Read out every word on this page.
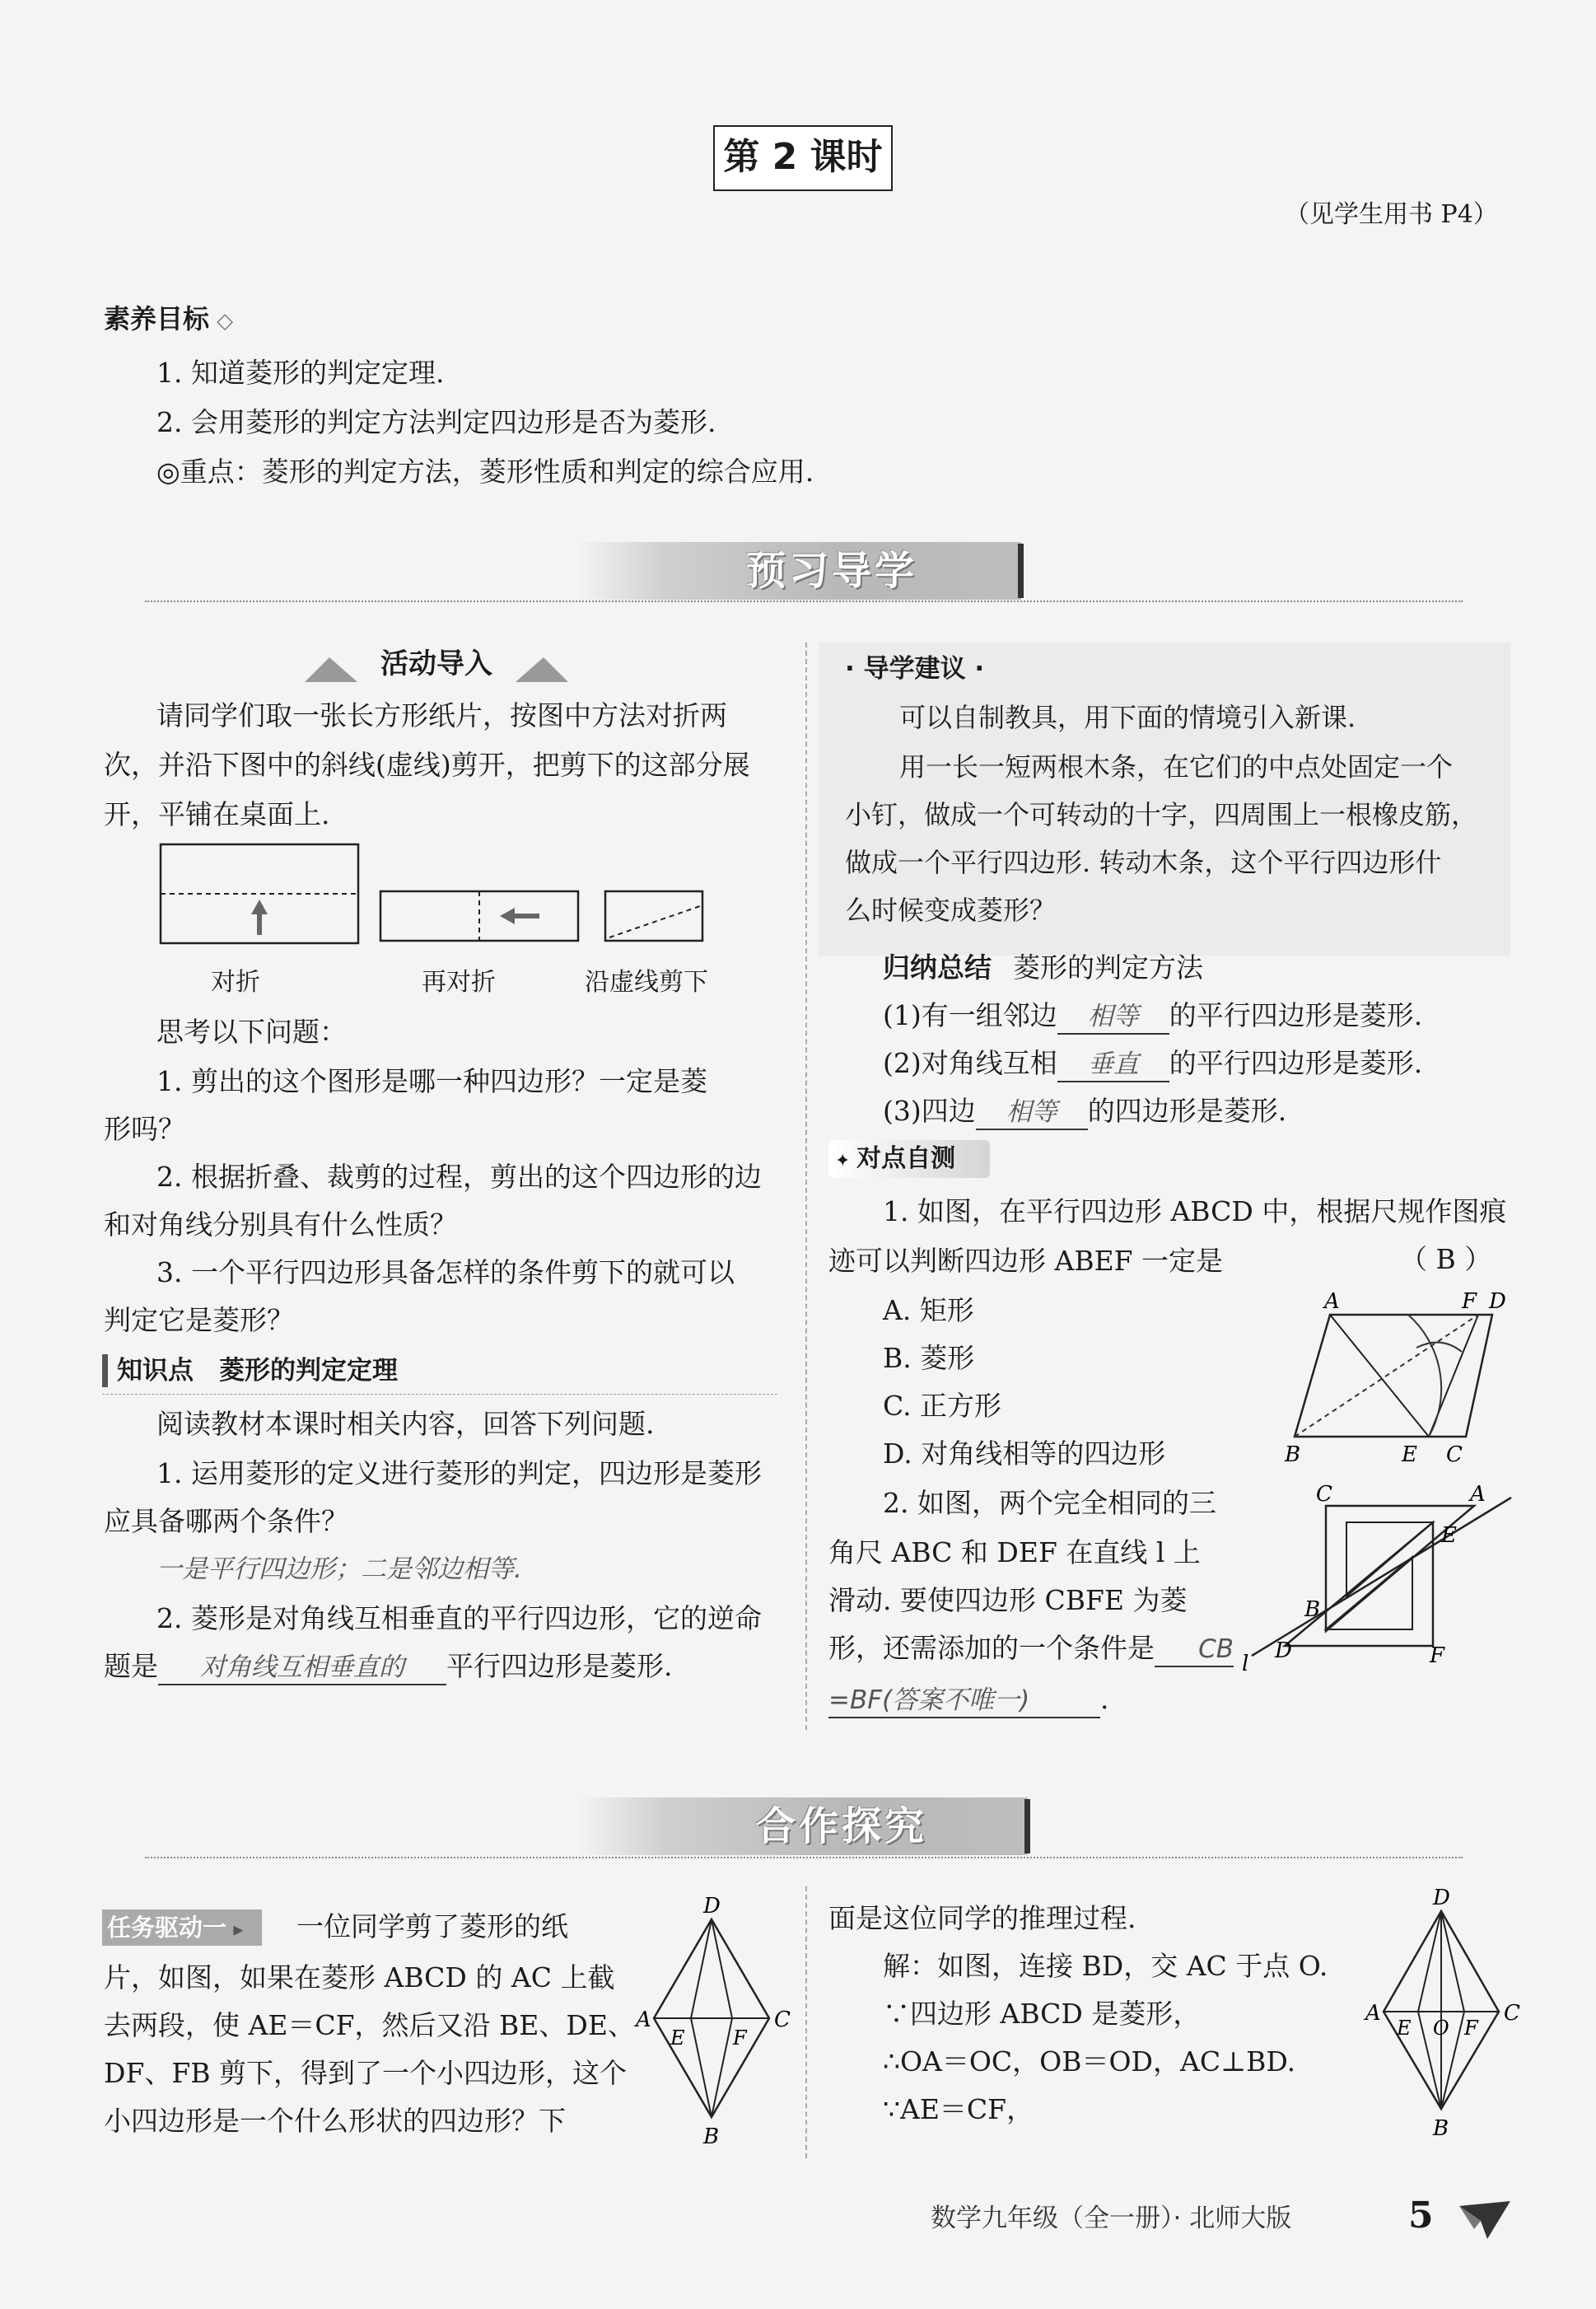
第 2 课时
（见学生用书 P4）
素养目标 ◇
1. 知道菱形的判定定理.
2. 会用菱形的判定方法判定四边形是否为菱形.
◎重点：菱形的判定方法，菱形性质和判定的综合应用.
预习导学
活动导入
请同学们取一张长方形纸片，按图中方法对折两
次，并沿下图中的斜线(虚线)剪开，把剪下的这部分展
开，平铺在桌面上.
对折	再对折	沿虚线剪下
思考以下问题：
1. 剪出的这个图形是哪一种四边形？一定是菱
形吗？
2. 根据折叠、裁剪的过程，剪出的这个四边形的边
和对角线分别具有什么性质？
3. 一个平行四边形具备怎样的条件剪下的就可以
判定它是菱形？
知识点　菱形的判定定理
阅读教材本课时相关内容，回答下列问题.
1. 运用菱形的定义进行菱形的判定，四边形是菱形
应具备哪两个条件？
一是平行四边形；二是邻边相等.
2. 菱形是对角线互相垂直的平行四边形，它的逆命
题是 对角线互相垂直的 平行四边形是菱形.
· 导学建议 ·
可以自制教具，用下面的情境引入新课.
用一长一短两根木条，在它们的中点处固定一个
小钉，做成一个可转动的十字，四周围上一根橡皮筋，
做成一个平行四边形. 转动木条，这个平行四边形什
么时候变成菱形？
归纳总结 菱形的判定方法
(1)有一组邻边 相等 的平行四边形是菱形.
(2)对角线互相 垂直 的平行四边形是菱形.
(3)四边 相等 的四边形是菱形.
✦ 对点自测
1. 如图，在平行四边形 ABCD 中，根据尺规作图痕
迹可以判断四边形 ABEF 一定是	（ B ）
A. 矩形
B. 菱形
C. 正方形
D. 对角线相等的四边形
A	F D
B	E C
2. 如图，两个完全相同的三
角尺 ABC 和 DEF 在直线 l 上
滑动. 要使四边形 CBFE 为菱
形，还需添加的一个条件是 CB
=BF(答案不唯一)	.
C	A
E
B
l
D	F
合作探究
任务驱动一 ▸ 一位同学剪了菱形的纸
片，如图，如果在菱形 ABCD 的 AC 上截
去两段，使 AE＝CF，然后又沿 BE、DE、
DF、FB 剪下，得到了一个小四边形，这个
小四边形是一个什么形状的四边形？下
D
A
E F
C
B
面是这位同学的推理过程.
解：如图，连接 BD，交 AC 于点 O.
∵四边形 ABCD 是菱形，
∴OA＝OC，OB＝OD，AC⊥BD.
∵AE＝CF，
D
A
E O F
C
B
数学九年级（全一册）· 北师大版	5
